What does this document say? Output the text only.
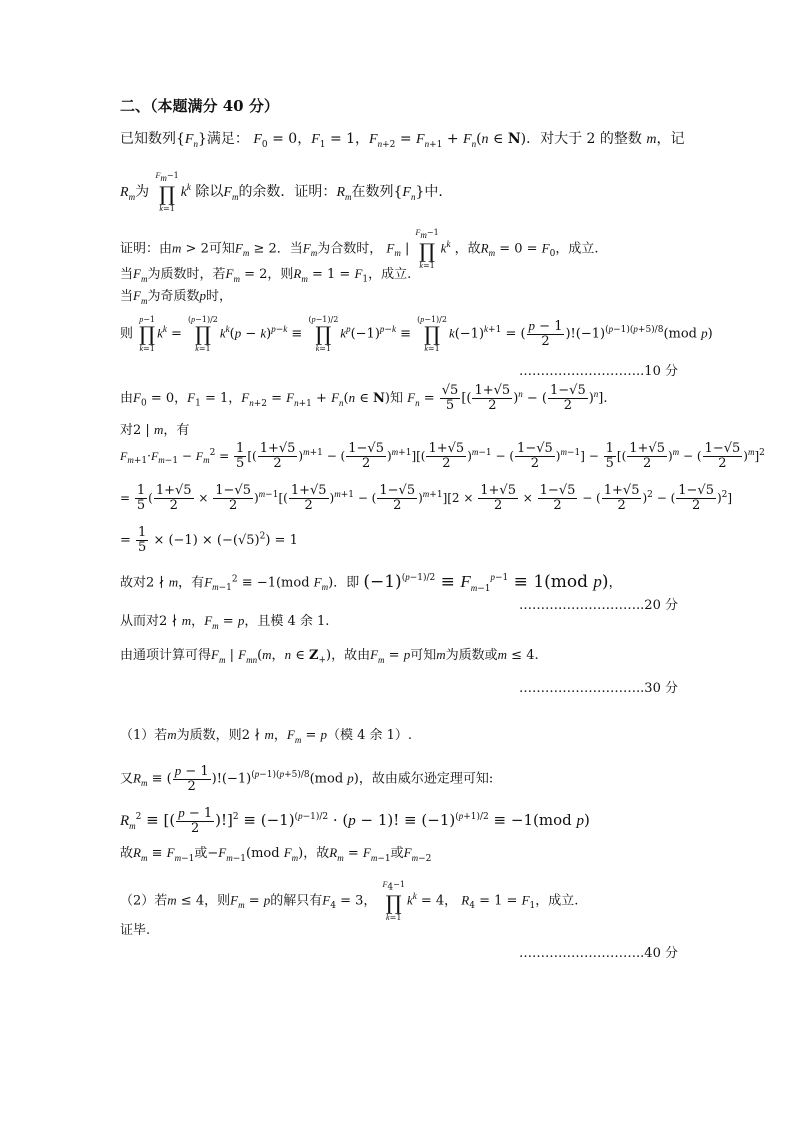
二、（本题满分 40 分）
已知数列$\{F_n\}$满足： $F_0 = 0$，$F_1 = 1$，$F_{n+2} = F_{n+1} + F_n(n$ ∈ N)．对大于 2 的整数 m，记
$R_m$为
$F_m-1$
∏
k=1
$k^k$ 除以$F_m$的余数．证明：$R_m$在数列$\{F_n\}$中.
证明：由m > 2可知$F_m \ge 2$．当$F_m$为合数时， $F_m$ |
$F_m-1$
∏
k=1
$k^k$ ，故$R_m = 0 = F_0$，成立.
当$F_m$为质数时，若$F_m = 2$，则$R_m = 1 = F_1$，成立.
当$F_m$为奇质数p时，
则
p−1
∏
k=1
$k^k$ =
(p−1)/2
∏
k=1
$k^k(p - k)^{p-k}$ ≡
(p−1)/2
∏
k=1
$k^p(-1)^{p-k}$ ≡
(p−1)/2
∏
k=1
$k(-1)^{k+1}$ = ( $\frac{p - 1}{2} )!(-1)^{(p-1)(p+5)/8}(mod$ p)
………………………..10 分
由$F_0 = 0$，$F_1 = 1$，$F_{n+2} = F_{n+1} + F_n(n$ ∈ N)知 $F_n = \frac{√5}{5}$ [( $\frac{1+√5}{2} )^n$ − ( $\frac{1-√5}{2} )^n$].
对2 | m，有
$F_{m+1}\cdot F_{m-1} - F_m^2 = \frac{1}{5}$ [( $\frac{1+√5}{2} )^{m+1}$ − ( $\frac{1-√5}{2} )^{m+1}][( \frac{1+√5}{2} )^{m-1}$ − ( $\frac{1-√5}{2} )^{m-1}] - \frac{1}{5}$ [( $\frac{1+√5}{2} )^m$ − ( $\frac{1-√5}{2} )^m]^2$
= $\frac{1}{5}$ ( $\frac{1+√5}{2} \times \frac{1-√5}{2} )^{m-1}[( \frac{1+√5}{2} )^{m+1}$ − ( $\frac{1-√5}{2} )^{m+1}][2 \times \frac{1+√5}{2} \times \frac{1-√5}{2}$ − ( $\frac{1+√5}{2} )^2$ − ( $\frac{1-√5}{2} )^2$]
= $\frac{1}{5} \times (-1) \times (-(√5)^2) = 1$
故对2 ∤ m，有$F_{m-1}^2 \equiv -1(mod$ $F_m$)．即 $(-1)^{(p-1)/2} \equiv F_{m-1}^{p-1} \equiv 1(mod$ p)，
………………………..20 分
从而对2 ∤ m，$F_m = p$，且模 4 余 1.
由通项计算可得$F_m$ | $F_{mn}(m$，n ∈ $Z_+$)，故由$F_m = p$可知m为质数或m ≤ 4.
………………………..30 分
（1）若m为质数，则2 ∤ m，$F_m = p$（模 4 余 1）.
又$R_m$ ≡ ( $\frac{p - 1}{2} )!(-1)^{(p-1)(p+5)/8}(mod$ p)，故由威尔逊定理可知:
$R_m^2$ ≡ [( $\frac{p - 1}{2} )!]^2 \equiv (-1)^{(p-1)/2} \cdot (p - 1)$! ≡ $(-1)^{(p+1)/2} \equiv -1(mod$ p)
故$R_m \equiv F_{m-1}$或$-F_{m-1}(mod$ $F_m$)，故$R_m = F_{m-1}$或$F_{m-2}$
（2）若m ≤ 4，则$F_m = p$的解只有$F_4 = 3$，
$F_4-1$
∏
k=1
$k^k = 4$， $R_4 = 1 = F_1$，成立.
证毕.
………………………..40 分
